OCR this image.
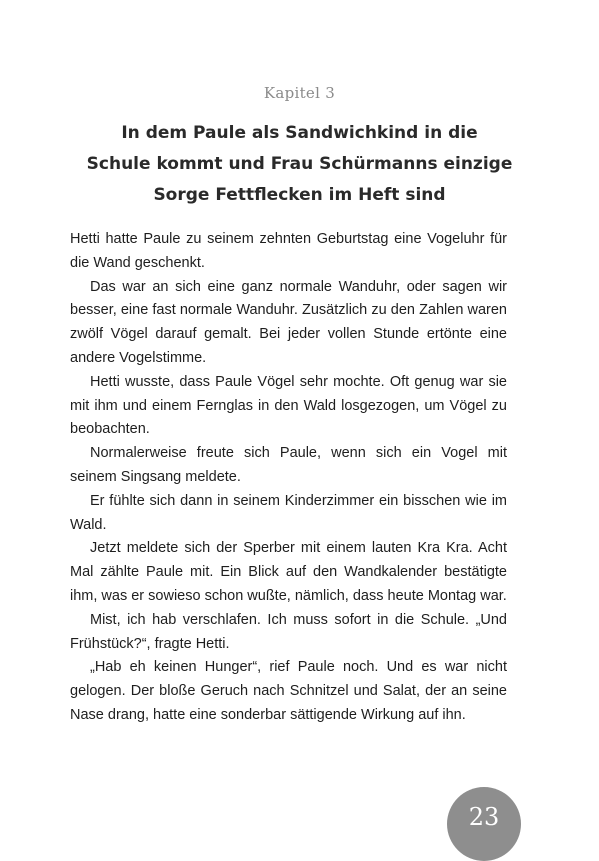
Kapitel 3
In dem Paule als Sandwichkind in die
Schule kommt und Frau Schürmanns einzige
Sorge Fettflecken im Heft sind

Hetti hatte Paule zu seinem zehnten Geburtstag eine Vogeluhr für die Wand geschenkt.

Das war an sich eine ganz normale Wanduhr, oder sagen wir besser, eine fast normale Wanduhr. Zusätzlich zu den Zahlen waren zwölf Vögel darauf gemalt. Bei jeder vollen Stunde ertönte eine andere Vogelstimme.

Hetti wusste, dass Paule Vögel sehr mochte. Oft genug war sie mit ihm und einem Fernglas in den Wald losgezogen, um Vögel zu beobachten.

Normalerweise freute sich Paule, wenn sich ein Vogel mit seinem Singsang meldete.

Er fühlte sich dann in seinem Kinderzimmer ein bisschen wie im Wald.

Jetzt meldete sich der Sperber mit einem lauten Kra Kra. Acht Mal zählte Paule mit. Ein Blick auf den Wandkalender bestätigte ihm, was er sowieso schon wußte, nämlich, dass heute Montag war.

Mist, ich hab verschlafen. Ich muss sofort in die Schule. „Und Frühstück?“, fragte Hetti.

„Hab eh keinen Hunger“, rief Paule noch. Und es war nicht gelogen. Der bloße Geruch nach Schnitzel und Salat, der an seine Nase drang, hatte eine sonderbar sättigende Wirkung auf ihn.

23
